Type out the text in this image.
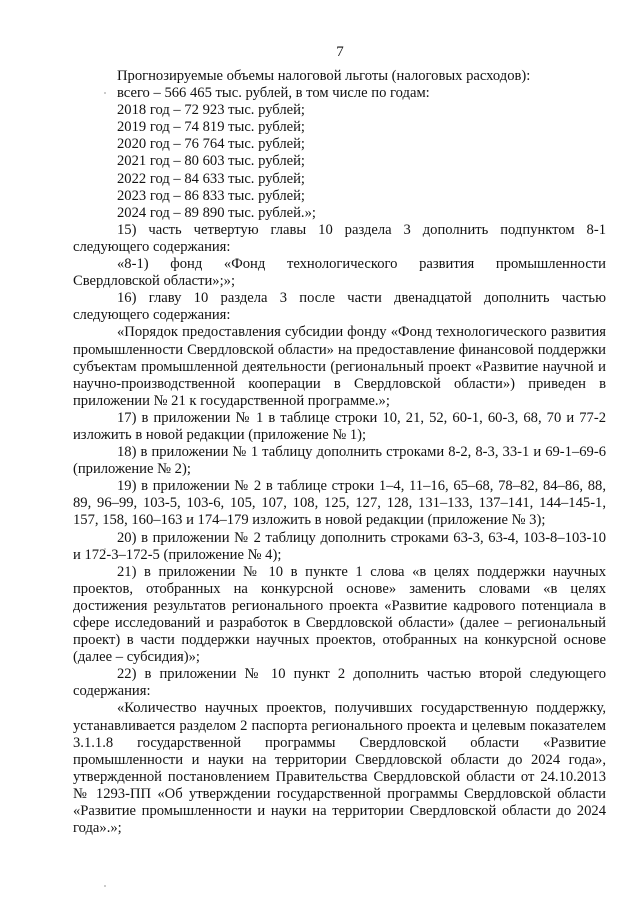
7

Прогнозируемые объемы налоговой льготы (налоговых расходов):

всего – 566 465 тыс. рублей, в том числе по годам:

2018 год – 72 923 тыс. рублей;
2019 год – 74 819 тыс. рублей;
2020 год – 76 764 тыс. рублей;
2021 год – 80 603 тыс. рублей;
2022 год – 84 633 тыс. рублей;
2023 год – 86 833 тыс. рублей;
2024 год – 89 890 тыс. рублей.»;

15) часть четвертую главы 10 раздела 3 дополнить подпунктом 8-1 следующего содержания:

«8-1) фонд «Фонд технологического развития промышленности Свердловской области»;»;

16) главу 10 раздела 3 после части двенадцатой дополнить частью следующего содержания:

«Порядок предоставления субсидии фонду «Фонд технологического развития промышленности Свердловской области» на предоставление финансовой поддержки субъектам промышленной деятельности (региональный проект «Развитие научной и научно-производственной кооперации в Свердловской области») приведен в приложении № 21 к государственной программе.»;

17) в приложении № 1 в таблице строки 10, 21, 52, 60-1, 60-3, 68, 70 и 77-2 изложить в новой редакции (приложение № 1);

18) в приложении № 1 таблицу дополнить строками 8-2, 8-3, 33-1 и 69-1–69-6 (приложение № 2);

19) в приложении № 2 в таблице строки 1–4, 11–16, 65–68, 78–82, 84–86, 88, 89, 96–99, 103-5, 103-6, 105, 107, 108, 125, 127, 128, 131–133, 137–141, 144–145-1, 157, 158, 160–163 и 174–179 изложить в новой редакции (приложение № 3);

20) в приложении № 2 таблицу дополнить строками 63-3, 63-4, 103-8–103-10 и 172-3–172-5 (приложение № 4);

21) в приложении № 10 в пункте 1 слова «в целях поддержки научных проектов, отобранных на конкурсной основе» заменить словами «в целях достижения результатов регионального проекта «Развитие кадрового потенциала в сфере исследований и разработок в Свердловской области» (далее – региональный проект) в части поддержки научных проектов, отобранных на конкурсной основе (далее – субсидия)»;

22) в приложении № 10 пункт 2 дополнить частью второй следующего содержания:

«Количество научных проектов, получивших государственную поддержку, устанавливается разделом 2 паспорта регионального проекта и целевым показателем 3.1.1.8 государственной программы Свердловской области «Развитие промышленности и науки на территории Свердловской области до 2024 года», утвержденной постановлением Правительства Свердловской области от 24.10.2013 № 1293-ПП «Об утверждении государственной программы Свердловской области «Развитие промышленности и науки на территории Свердловской области до 2024 года».»;
